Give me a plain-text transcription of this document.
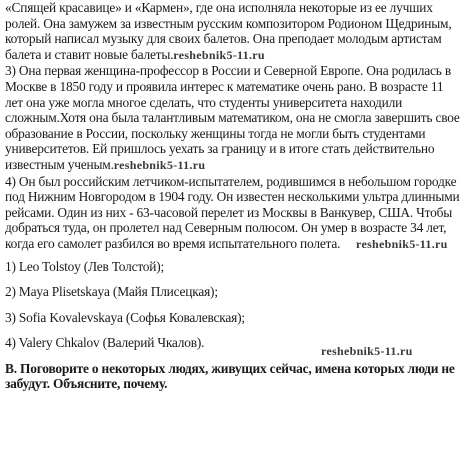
«Спящей красавице» и «Кармен», где она исполняла некоторые из ее лучших ролей. Она замужем за известным русским композитором Родионом Щедриным, который написал музыку для своих балетов. Она преподает молодым артистам балета и ставит новые балеты.reshebnik5-11.ru

3) Она первая женщина-профессор в России и Северной Европе. Она родилась в Москве в 1850 году и проявила интерес к математике очень рано. В возрасте 11 лет она уже могла многое сделать, что студенты университета находили сложным.Хотя она была талантливым математиком, она не смогла завершить свое образование в России, поскольку женщины тогда не могли быть студентами университетов. Ей пришлось уехать за границу и в итоге стать действительно известным ученым.reshebnik5-11.ru

4) Он был российским летчиком-испытателем, родившимся в небольшом городке под Нижним Новгородом в 1904 году. Он известен несколькими ультра длинными рейсами. Один из них - 63-часовой перелет из Москвы в Ванкувер, США. Чтобы добраться туда, он пролетел над Северным полюсом. Он умер в возрасте 34 лет, когда его самолет разбился во время испытательного полета. reshebnik5-11.ru

1) Leo Tolstoy (Лев Толстой);
2) Maya Plisetskaya (Майя Плисецкая);
3) Sofia Kovalevskaya (Софья Ковалевская);
4) Valery Chkalov (Валерий Чкалов).
reshebnik5-11.ru
B. Поговорите о некоторых людях, живущих сейчас, имена которых люди не забудут. Объясните, почему.
